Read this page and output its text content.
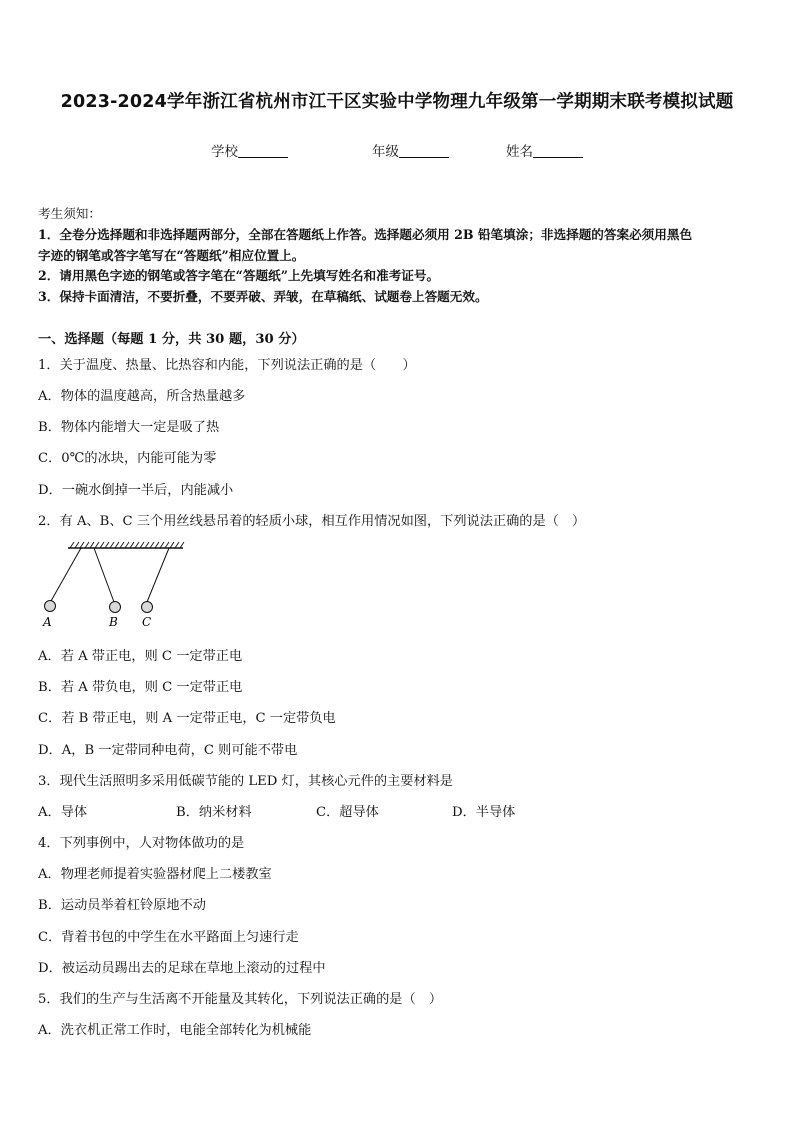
2023-2024学年浙江省杭州市江干区实验中学物理九年级第一学期期末联考模拟试题
学校	年级	姓名
考生须知：
1．全卷分选择题和非选择题两部分，全部在答题纸上作答。选择题必须用 2B 铅笔填涂；非选择题的答案必须用黑色
字迹的钢笔或答字笔写在“答题纸”相应位置上。
2．请用黑色字迹的钢笔或答字笔在“答题纸”上先填写姓名和准考证号。
3．保持卡面清洁，不要折叠，不要弄破、弄皱，在草稿纸、试题卷上答题无效。
一、选择题（每题 1 分，共 30 题，30 分）
1．关于温度、热量、比热容和内能，下列说法正确的是（　　）
A．物体的温度越高，所含热量越多
B．物体内能增大一定是吸了热
C．0℃的冰块，内能可能为零
D．一碗水倒掉一半后，内能减小
2．有 A、B、C 三个用丝线悬吊着的轻质小球，相互作用情况如图，下列说法正确的是（　）
A	B C
A．若 A 带正电，则 C 一定带正电
B．若 A 带负电，则 C 一定带正电
C．若 B 带正电，则 A 一定带正电，C 一定带负电
D．A，B 一定带同种电荷，C 则可能不带电
3．现代生活照明多采用低碳节能的 LED 灯，其核心元件的主要材料是
A．导体	B．纳米材料	C．超导体	D．半导体
4．下列事例中，人对物体做功的是
A．物理老师提着实验器材爬上二楼教室
B．运动员举着杠铃原地不动
C．背着书包的中学生在水平路面上匀速行走
D．被运动员踢出去的足球在草地上滚动的过程中
5．我们的生产与生活离不开能量及其转化，下列说法正确的是（　）
A．洗衣机正常工作时，电能全部转化为机械能
